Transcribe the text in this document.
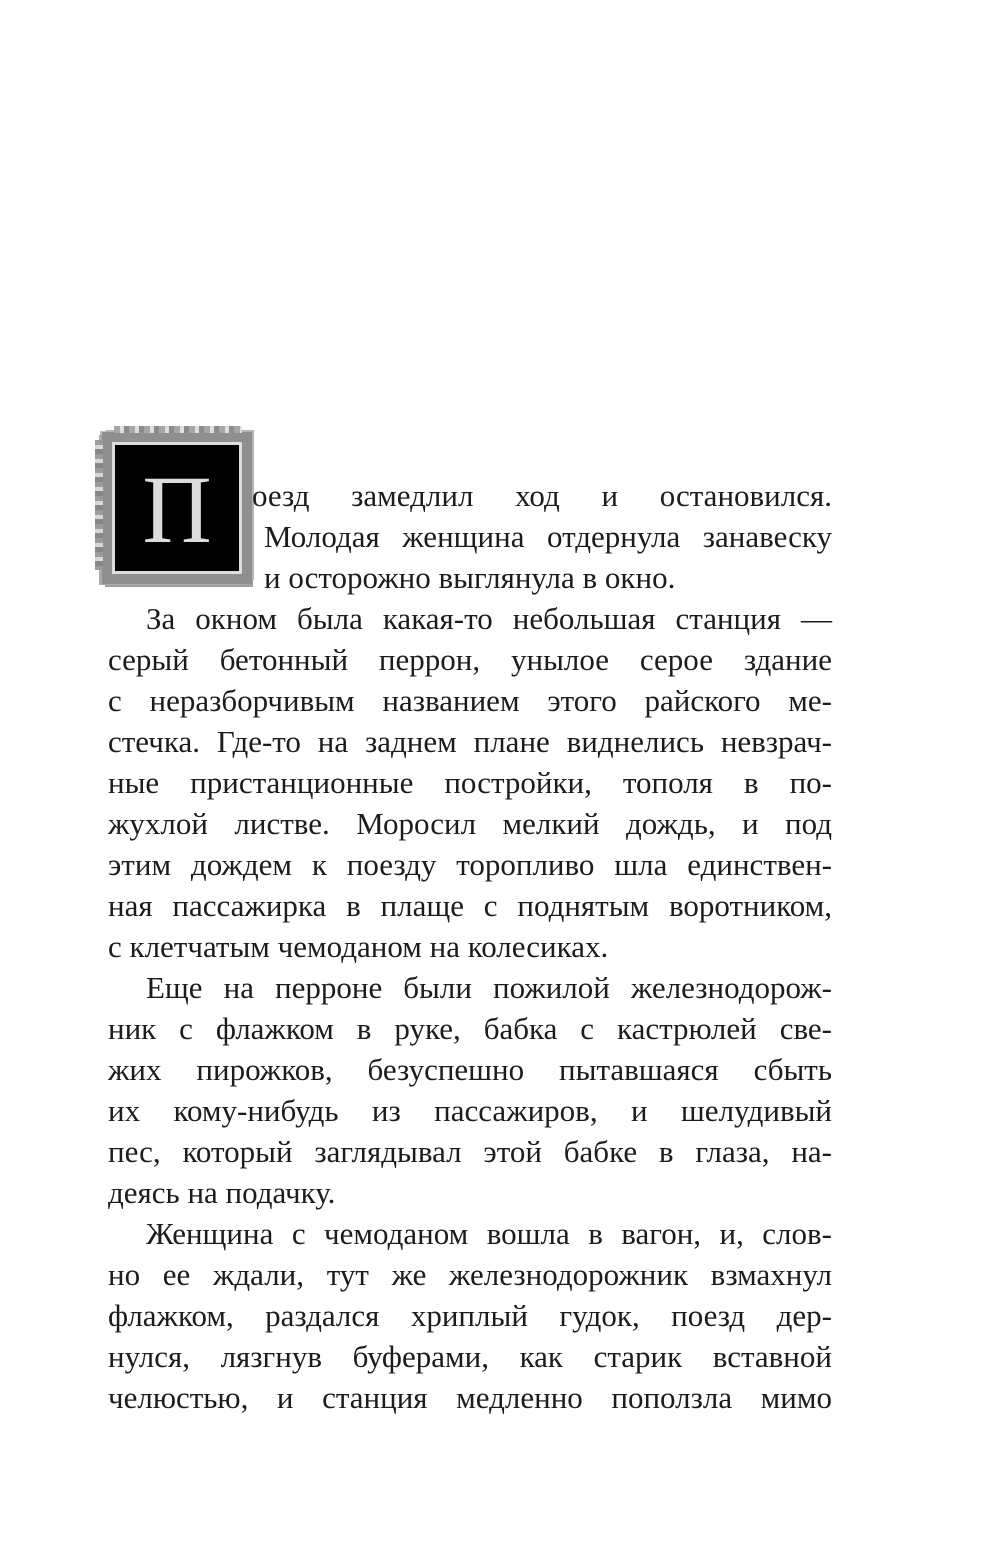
П	оезд замедлил ход и остановился.
Молодая женщина отдернула занавеску
и осторожно выглянула в окно.
За окном была какая-то небольшая станция —
серый бетонный перрон, унылое серое здание
с неразборчивым названием этого райского ме-
стечка. Где-то на заднем плане виднелись невзрач-
ные пристанционные постройки, тополя в по-
жухлой листве. Моросил мелкий дождь, и под
этим дождем к поезду торопливо шла единствен-
ная пассажирка в плаще с поднятым воротником,
с клетчатым чемоданом на колесиках.
Еще на перроне были пожилой железнодорож-
ник с флажком в руке, бабка с кастрюлей све-
жих пирожков, безуспешно пытавшаяся сбыть
их кому-нибудь из пассажиров, и шелудивый
пес, который заглядывал этой бабке в глаза, на-
деясь на подачку.
Женщина с чемоданом вошла в вагон, и, слов-
но ее ждали, тут же железнодорожник взмахнул
флажком, раздался хриплый гудок, поезд дер-
нулся, лязгнув буферами, как старик вставной
челюстью, и станция медленно поползла мимо
